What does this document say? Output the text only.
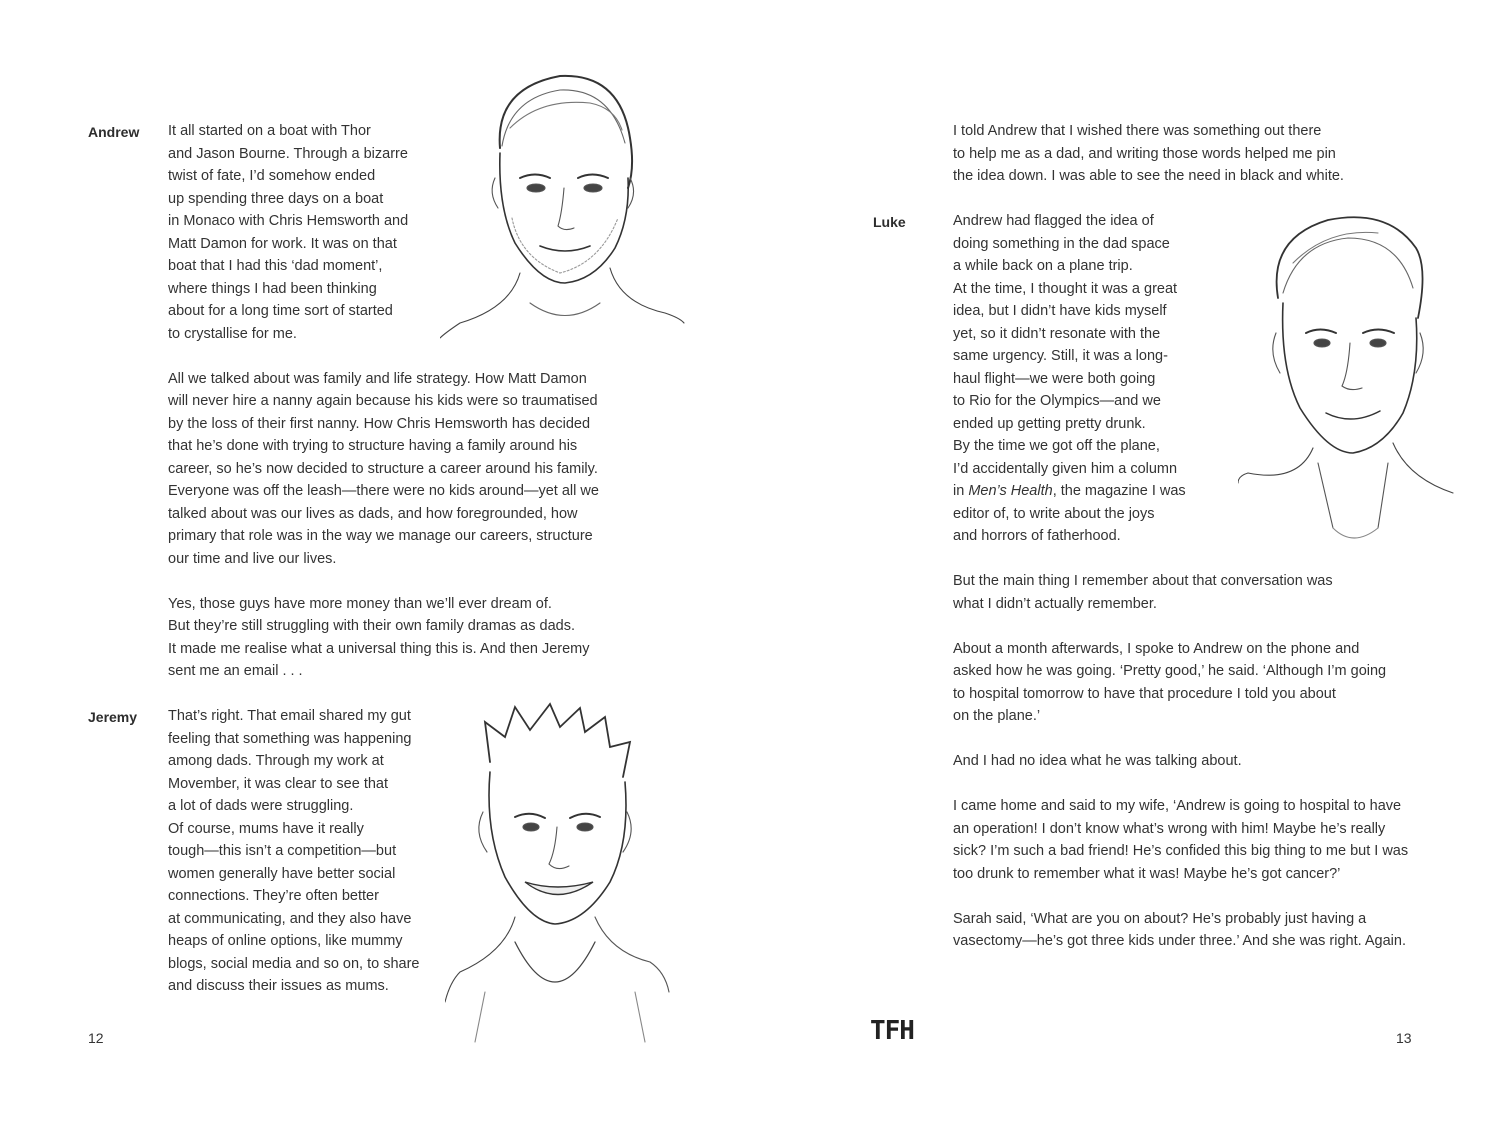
Andrew It all started on a boat with Thor
and Jason Bourne. Through a bizarre
twist of fate, I’d somehow ended
up spending three days on a boat
in Monaco with Chris Hemsworth and
Matt Damon for work. It was on that
boat that I had this ‘dad moment’,
where things I had been thinking
about for a long time sort of started
to crystallise for me.

All we talked about was family and life strategy. How Matt Damon
will never hire a nanny again because his kids were so traumatised
by the loss of their first nanny. How Chris Hemsworth has decided
that he’s done with trying to structure having a family around his
career, so he’s now decided to structure a career around his family.
Everyone was off the leash—there were no kids around—yet all we
talked about was our lives as dads, and how foregrounded, how
primary that role was in the way we manage our careers, structure
our time and live our lives.

Yes, those guys have more money than we’ll ever dream of.
But they’re still struggling with their own family dramas as dads.
It made me realise what a universal thing this is. And then Jeremy
sent me an email . . .

Jeremy That’s right. That email shared my gut
feeling that something was happening
among dads. Through my work at
Movember, it was clear to see that
a lot of dads were struggling.
Of course, mums have it really
tough—this isn’t a competition—but
women generally have better social
connections. They’re often better
at communicating, and they also have
heaps of online options, like mummy
blogs, social media and so on, to share
and discuss their issues as mums.

12	TFH

I told Andrew that I wished there was something out there
to help me as a dad, and writing those words helped me pin
the idea down. I was able to see the need in black and white.

Luke	Andrew had flagged the idea of
doing something in the dad space
a while back on a plane trip.
At the time, I thought it was a great
idea, but I didn’t have kids myself
yet, so it didn’t resonate with the
same urgency. Still, it was a long-
haul flight—we were both going
to Rio for the Olympics—and we
ended up getting pretty drunk.
By the time we got off the plane,
I’d accidentally given him a column
in Men’s Health, the magazine I was
editor of, to write about the joys
and horrors of fatherhood.

But the main thing I remember about that conversation was
what I didn’t actually remember.

About a month afterwards, I spoke to Andrew on the phone and
asked how he was going. ‘Pretty good,’ he said. ‘Although I’m going
to hospital tomorrow to have that procedure I told you about
on the plane.’

And I had no idea what he was talking about.

I came home and said to my wife, ‘Andrew is going to hospital to have
an operation! I don’t know what’s wrong with him! Maybe he’s really
sick? I’m such a bad friend! He’s confided this big thing to me but I was
too drunk to remember what it was! Maybe he’s got cancer?’

Sarah said, ‘What are you on about? He’s probably just having a
vasectomy—he’s got three kids under three.’ And she was right. Again.

13
